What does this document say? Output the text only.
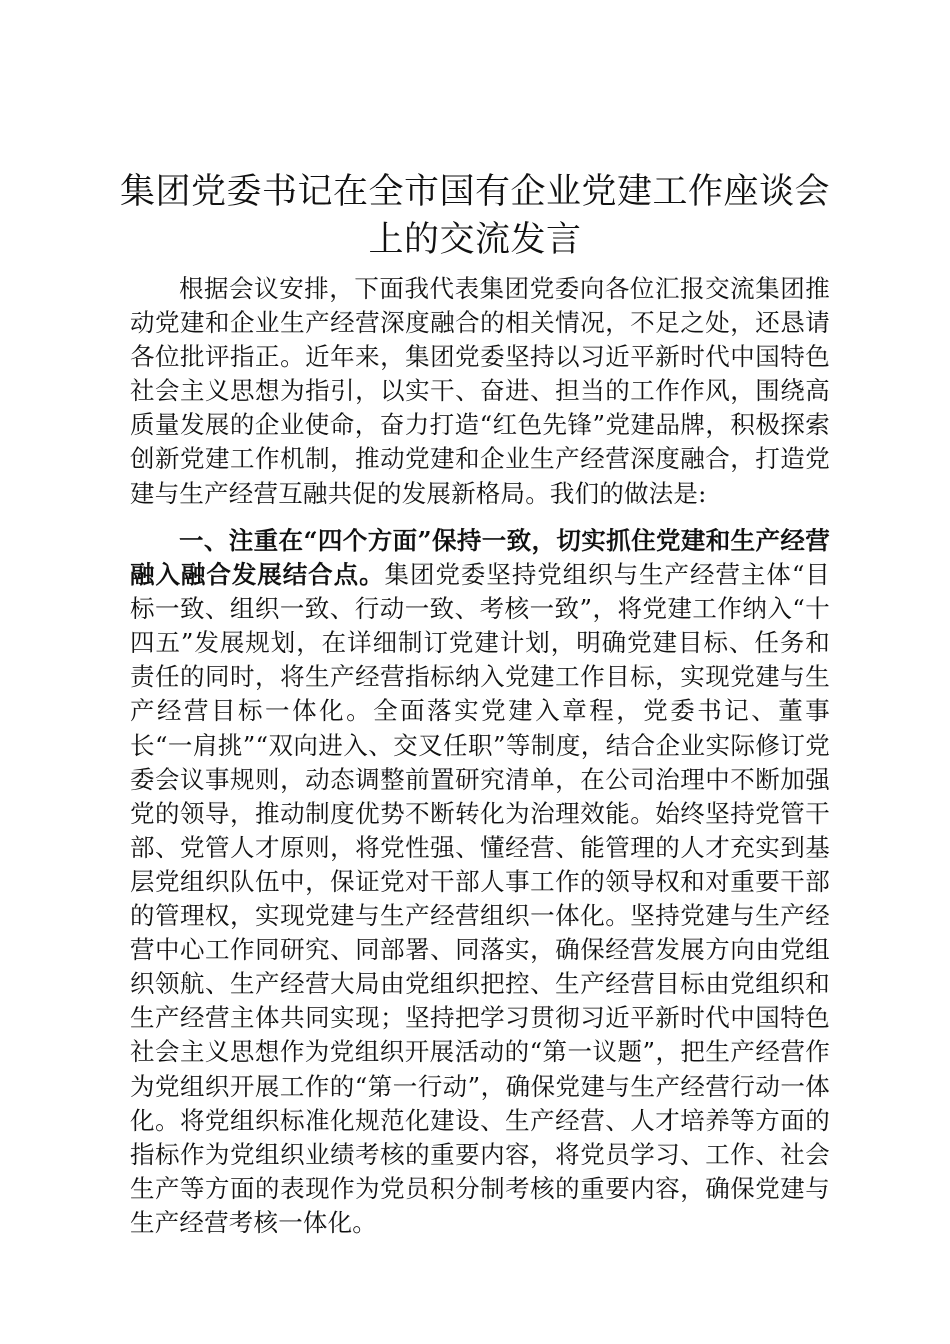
集团党委书记在全市国有企业党建工作座谈会
上的交流发言

根据会议安排，下面我代表集团党委向各位汇报交流集团推动党建和企业生产经营深度融合的相关情况，不足之处，还恳请各位批评指正。近年来，集团党委坚持以习近平新时代中国特色社会主义思想为指引，以实干、奋进、担当的工作作风，围绕高质量发展的企业使命，奋力打造“红色先锋”党建品牌，积极探索创新党建工作机制，推动党建和企业生产经营深度融合，打造党建与生产经营互融共促的发展新格局。我们的做法是:

一、注重在“四个方面”保持一致，切实抓住党建和生产经营融入融合发展结合点。集团党委坚持党组织与生产经营主体“目标一致、组织一致、行动一致、考核一致”，将党建工作纳入“十四五”发展规划，在详细制订党建计划，明确党建目标、任务和责任的同时，将生产经营指标纳入党建工作目标，实现党建与生产经营目标一体化。全面落实党建入章程，党委书记、董事长“一肩挑”“双向进入、交叉任职”等制度，结合企业实际修订党委会议事规则，动态调整前置研究清单，在公司治理中不断加强党的领导，推动制度优势不断转化为治理效能。始终坚持党管干部、党管人才原则，将党性强、懂经营、能管理的人才充实到基层党组织队伍中，保证党对干部人事工作的领导权和对重要干部的管理权，实现党建与生产经营组织一体化。坚持党建与生产经营中心工作同研究、同部署、同落实，确保经营发展方向由党组织领航、生产经营大局由党组织把控、生产经营目标由党组织和生产经营主体共同实现；坚持把学习贯彻习近平新时代中国特色社会主义思想作为党组织开展活动的“第一议题”，把生产经营作为党组织开展工作的“第一行动”，确保党建与生产经营行动一体化。将党组织标准化规范化建设、生产经营、人才培养等方面的指标作为党组织业绩考核的重要内容，将党员学习、工作、社会生产等方面的表现作为党员积分制考核的重要内容，确保党建与生产经营考核一体化。
